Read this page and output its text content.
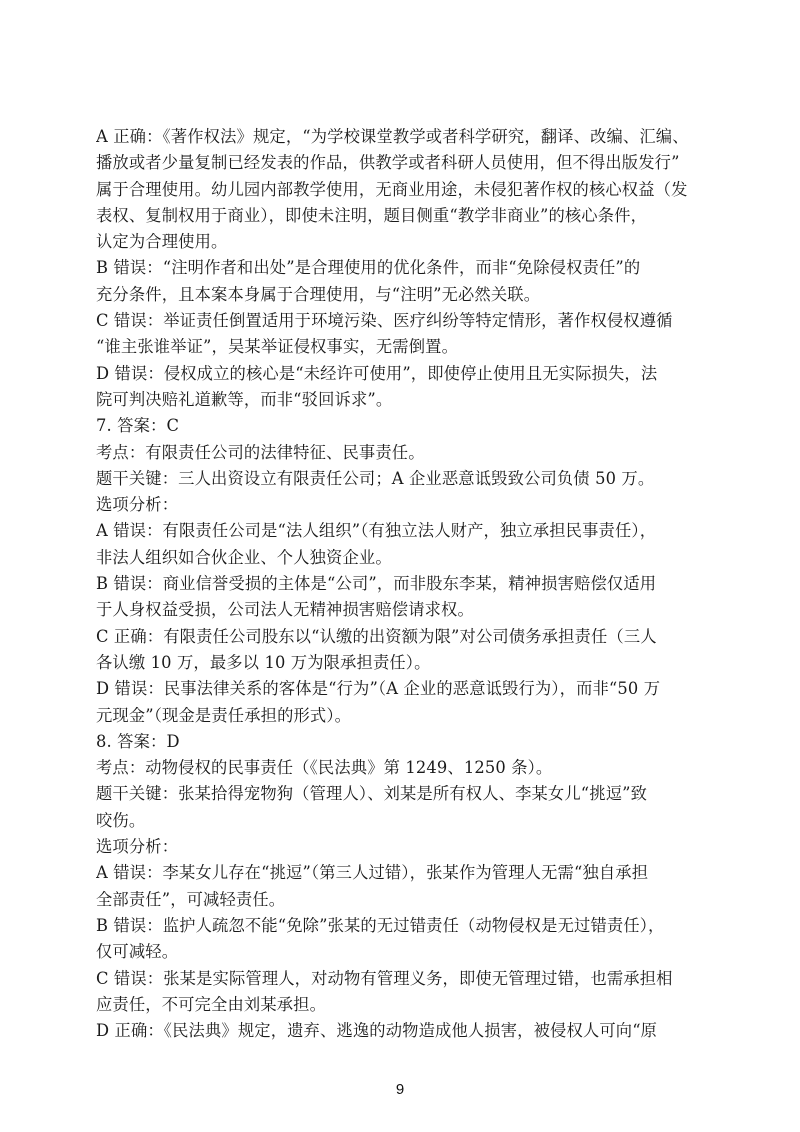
A 正确：《著作权法》规定，“为学校课堂教学或者科学研究，翻译、改编、汇编、

播放或者少量复制已经发表的作品，供教学或者科研人员使用，但不得出版发行”

属于合理使用。幼儿园内部教学使用，无商业用途，未侵犯著作权的核心权益（发

表权、复制权用于商业），即使未注明，题目侧重“教学非商业”的核心条件，

认定为合理使用。

B 错误：“注明作者和出处”是合理使用的优化条件，而非“免除侵权责任”的

充分条件，且本案本身属于合理使用，与“注明”无必然关联。

C 错误：举证责任倒置适用于环境污染、医疗纠纷等特定情形，著作权侵权遵循

“谁主张谁举证”，吴某举证侵权事实，无需倒置。

D 错误：侵权成立的核心是“未经许可使用”，即使停止使用且无实际损失，法

院可判决赔礼道歉等，而非“驳回诉求”。

7. 答案：C

考点：有限责任公司的法律特征、民事责任。

题干关键：三人出资设立有限责任公司；A 企业恶意诋毁致公司负债 50 万。

选项分析：

A 错误：有限责任公司是“法人组织”（有独立法人财产，独立承担民事责任），

非法人组织如合伙企业、个人独资企业。

B 错误：商业信誉受损的主体是“公司”，而非股东李某，精神损害赔偿仅适用

于人身权益受损，公司法人无精神损害赔偿请求权。

C 正确：有限责任公司股东以“认缴的出资额为限”对公司债务承担责任（三人

各认缴 10 万，最多以 10 万为限承担责任）。

D 错误：民事法律关系的客体是“行为”（A 企业的恶意诋毁行为），而非“50 万

元现金”（现金是责任承担的形式）。

8. 答案：D

考点：动物侵权的民事责任（《民法典》第 1249、1250 条）。

题干关键：张某拾得宠物狗（管理人）、刘某是所有权人、李某女儿“挑逗”致

咬伤。

选项分析：

A 错误：李某女儿存在“挑逗”（第三人过错），张某作为管理人无需“独自承担

全部责任”，可减轻责任。

B 错误：监护人疏忽不能“免除”张某的无过错责任（动物侵权是无过错责任），

仅可减轻。

C 错误：张某是实际管理人，对动物有管理义务，即使无管理过错，也需承担相

应责任，不可完全由刘某承担。

D 正确：《民法典》规定，遗弃、逃逸的动物造成他人损害，被侵权人可向“原

9
